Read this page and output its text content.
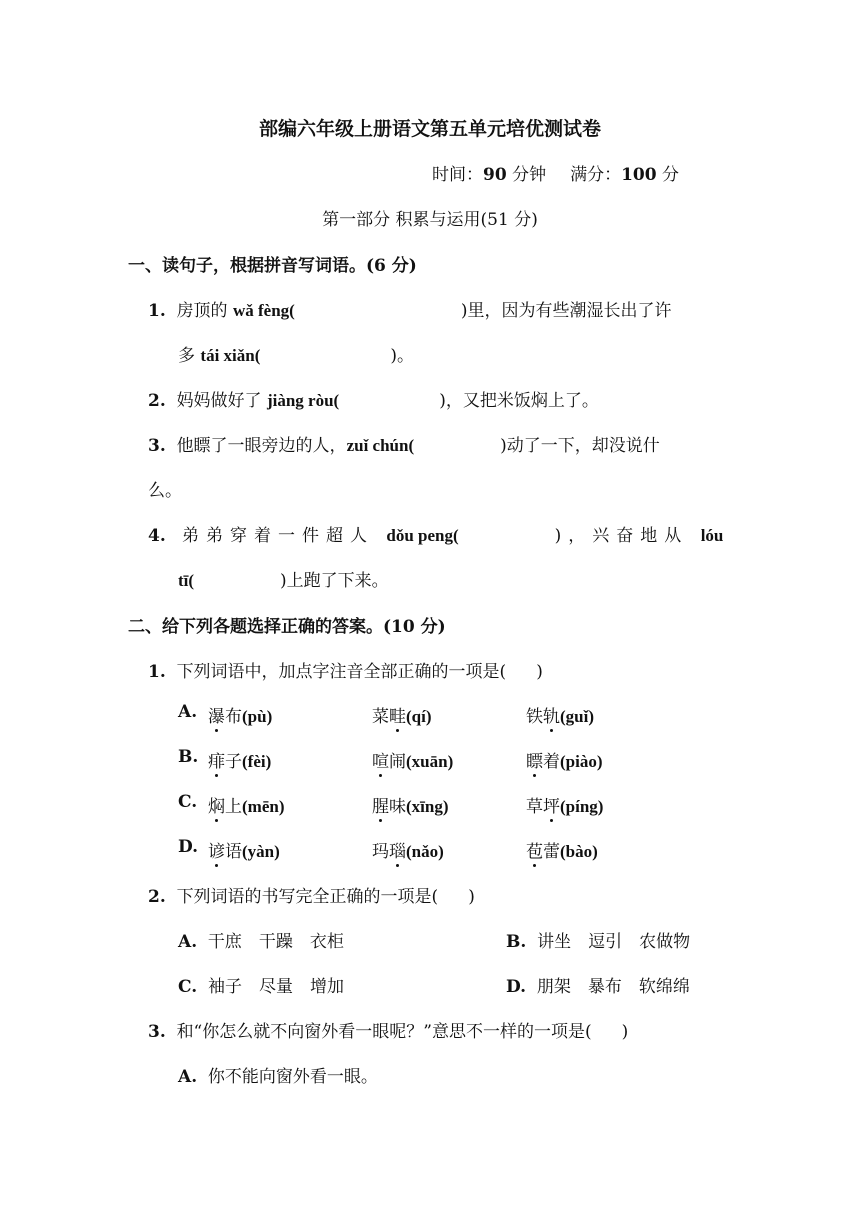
部编六年级上册语文第五单元培优测试卷
时间：90 分钟 满分：100 分
第一部分 积累与运用(51 分)
一、读句子，根据拼音写词语。(6 分)
1. 房顶的 wǎ fèng(	)里，因为有些潮湿长出了许
多 tái xiǎn(	)。
2. 妈妈做好了 jiàng ròu(	)，又把米饭焖上了。
3. 他瞟了一眼旁边的人，zuǐ chún(	)动了一下，却没说什
么。
4. 弟弟穿着一件超人 dǒu peng(	)，兴奋地从 lóu
tī(	)上跑了下来。
二、给下列各题选择正确的答案。(10 分)
1. 下列词语中，加点字注音全部正确的一项是( )
A. 瀑布(pù)	菜畦(qí)	铁轨(guǐ)
B. 痱子(fèi)	喧闹(xuān)	瞟着(piào)
C. 焖上(mēn)	腥味(xīng)	草坪(píng)
D. 谚语(yàn)	玛瑙(nǎo)	苞蕾(bào)
2. 下列词语的书写完全正确的一项是( )
A. 干庶　干躁　衣柜	B. 讲坐　逗引　农做物
C. 袖子　尽量　增加	D. 朋架　暴布　软绵绵
3. 和“你怎么就不向窗外看一眼呢？”意思不一样的一项是( )
A. 你不能向窗外看一眼。
